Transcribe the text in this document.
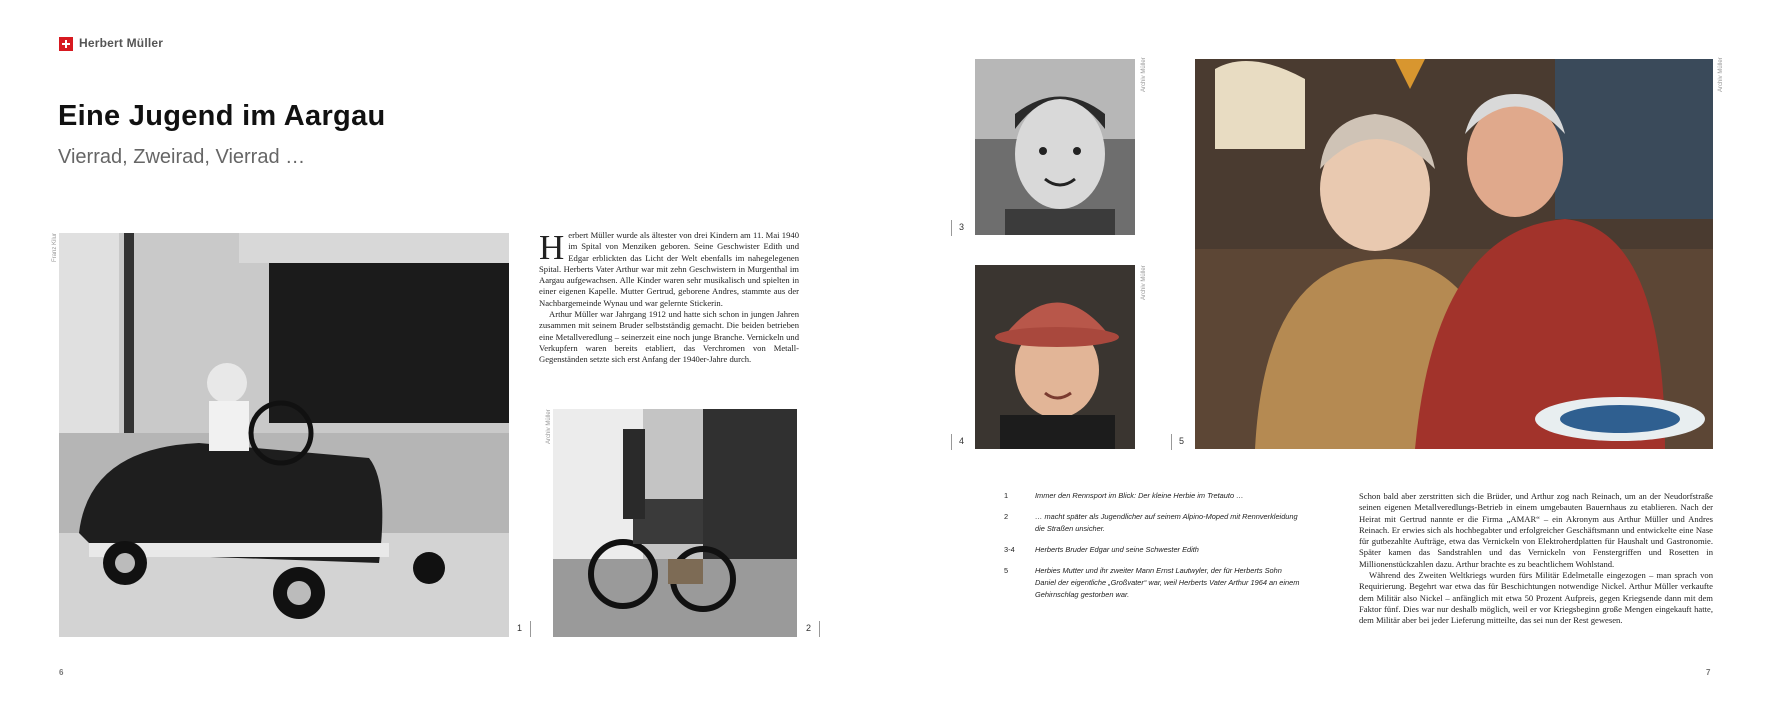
Herbert Müller
Eine Jugend im Aargau
Vierrad, Zweirad, Vierrad …
Franz Kilur
1
Archiv Müller
2
Archiv Müller
3
Archiv Müller
4
Archiv Müller
5

Herbert Müller wurde als ältester von drei Kindern am 11. Mai 1940 im Spital von Menziken geboren. Seine Geschwister Edith und Edgar erblickten das Licht der Welt ebenfalls im nahegelegenen Spital. Herberts Vater Arthur war mit zehn Geschwistern in Murgenthal im Aargau aufgewachsen. Alle Kinder waren sehr musikalisch und spielten in einer eigenen Kapelle. Mutter Gertrud, geborene Andres, stammte aus der Nachbargemeinde Wynau und war gelernte Stickerin.

Arthur Müller war Jahrgang 1912 und hatte sich schon in jungen Jahren zusammen mit seinem Bruder selbstständig gemacht. Die beiden betrieben eine Metallveredlung – seinerzeit eine noch junge Branche. Vernickeln und Verkupfern waren bereits etabliert, das Verchromen von Metall-Gegenständen setzte sich erst Anfang der 1940er-Jahre durch.

1	Immer den Rennsport im Blick: Der kleine Herbie im Tretauto …
2	… macht später als Jugendlicher auf seinem Alpino-Moped mit Rennverkleidung die Straßen unsicher.
3-4	Herberts Bruder Edgar und seine Schwester Edith
5	Herbies Mutter und ihr zweiter Mann Ernst Lautwyler, der für Herberts Sohn Daniel der eigentliche „Großvater“ war, weil Herberts Vater Arthur 1964 an einem Gehirnschlag gestorben war.

Schon bald aber zerstritten sich die Brüder, und Arthur zog nach Reinach, um an der Neudorfstraße seinen eigenen Metallveredlungs-Betrieb in einem umgebauten Bauernhaus zu etablieren. Nach der Heirat mit Gertrud nannte er die Firma „AMAR“ – ein Akronym aus Arthur Müller und Andres Reinach. Er erwies sich als hochbegabter und erfolgreicher Geschäftsmann und entwickelte eine Nase für gutbezahlte Aufträge, etwa das Vernickeln von Elektroherdplatten für Haushalt und Gastronomie. Später kamen das Sandstrahlen und das Vernickeln von Fenstergriffen und Rosetten in Millionenstückzahlen dazu. Arthur brachte es zu beachtlichem Wohlstand.

Während des Zweiten Weltkriegs wurden fürs Militär Edelmetalle eingezogen – man sprach von Requirierung. Begehrt war etwa das für Beschichtungen notwendige Nickel. Arthur Müller verkaufte dem Militär also Nickel – anfänglich mit etwa 50 Prozent Aufpreis, gegen Kriegsende dann mit dem Faktor fünf. Dies war nur deshalb möglich, weil er vor Kriegsbeginn große Mengen eingekauft hatte, dem Militär aber bei jeder Lieferung mitteilte, das sei nun der Rest gewesen.

6	7
